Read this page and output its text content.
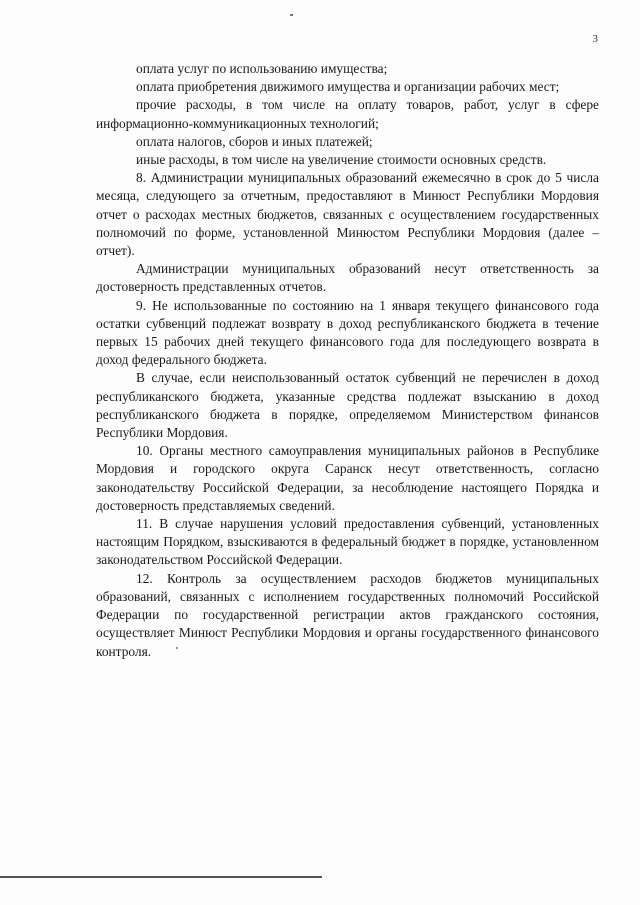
3

оплата услуг по использованию имущества;

оплата приобретения движимого имущества и организации рабочих мест;

прочие расходы, в том числе на оплату товаров, работ, услуг в сфере информационно-коммуникационных технологий;

оплата налогов, сборов и иных платежей;

иные расходы, в том числе на увеличение стоимости основных средств.

8. Администрации муниципальных образований ежемесячно в срок до 5 числа месяца, следующего за отчетным, предоставляют в Минюст Республики Мордовия отчет о расходах местных бюджетов, связанных с осуществлением государственных полномочий по форме, установленной Минюстом Республики Мордовия (далее – отчет).

Администрации муниципальных образований несут ответственность за достоверность представленных отчетов.

9. Не использованные по состоянию на 1 января текущего финансового года остатки субвенций подлежат возврату в доход республиканского бюджета в течение первых 15 рабочих дней текущего финансового года для последующего возврата в доход федерального бюджета.

В случае, если неиспользованный остаток субвенций не перечислен в доход республиканского бюджета, указанные средства подлежат взысканию в доход республиканского бюджета в порядке, определяемом Министерством финансов Республики Мордовия.

10. Органы местного самоуправления муниципальных районов в Республике Мордовия и городского округа Саранск несут ответственность, согласно законодательству Российской Федерации, за несоблюдение настоящего Порядка и достоверность представляемых сведений.

11. В случае нарушения условий предоставления субвенций, установленных настоящим Порядком, взыскиваются в федеральный бюджет в порядке, установленном законодательством Российской Федерации.

12. Контроль за осуществлением расходов бюджетов муниципальных образований, связанных с исполнением государственных полномочий Российской Федерации по государственной регистрации актов гражданского состояния, осуществляет Минюст Республики Мордовия и органы государственного финансового контроля.
